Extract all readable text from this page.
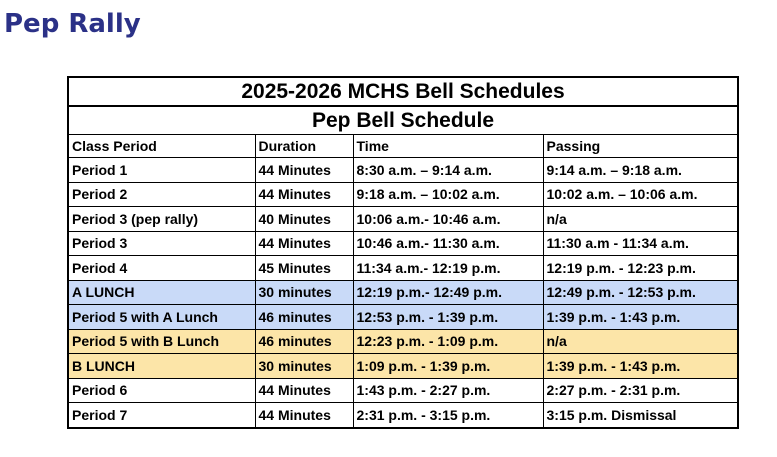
Pep Rally
2025-2026 MCHS Bell Schedules			
Pep Bell Schedule			
Class Period	Duration	Time	Passing
Period 1	44 Minutes	8:30 a.m. – 9:14 a.m.	9:14 a.m. – 9:18 a.m.
Period 2	44 Minutes	9:18 a.m. – 10:02 a.m.	10:02 a.m. – 10:06 a.m.
Period 3 (pep rally)	40 Minutes	10:06 a.m.- 10:46 a.m.	n/a
Period 3	44 Minutes	10:46 a.m.- 11:30 a.m.	11:30 a.m - 11:34 a.m.
Period 4	45 Minutes	11:34 a.m.- 12:19 p.m.	12:19 p.m. - 12:23 p.m.
A LUNCH	30 minutes	12:19 p.m.- 12:49 p.m.	12:49 p.m. - 12:53 p.m.
Period 5 with A Lunch	46 minutes	12:53 p.m. - 1:39 p.m.	1:39 p.m. - 1:43 p.m.
Period 5 with B Lunch	46 minutes	12:23 p.m. - 1:09 p.m.	n/a
B LUNCH	30 minutes	1:09 p.m. - 1:39 p.m.	1:39 p.m. - 1:43 p.m.
Period 6	44 Minutes	1:43 p.m. - 2:27 p.m.	2:27 p.m. - 2:31 p.m.
Period 7	44 Minutes	2:31 p.m. - 3:15 p.m.	3:15 p.m. Dismissal
